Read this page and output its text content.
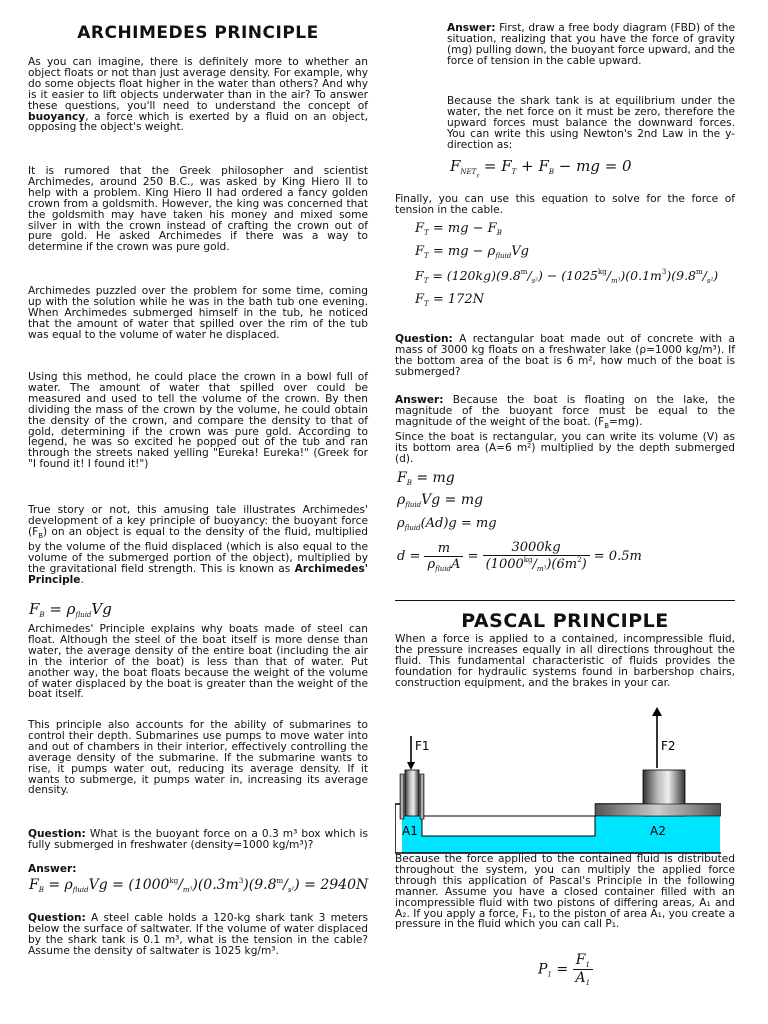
ARCHIMEDES PRINCIPLE

As you can imagine, there is definitely more to whether an object floats or not than just average density. For example, why do some objects float higher in the water than others? And why is it easier to lift objects underwater than in the air? To answer these questions, you'll need to understand the concept of buoyancy, a force which is exerted by a fluid on an object, opposing the object's weight.

It is rumored that the Greek philosopher and scientist Archimedes, around 250 B.C., was asked by King Hiero II to help with a problem. King Hiero II had ordered a fancy golden crown from a goldsmith. However, the king was concerned that the goldsmith may have taken his money and mixed some silver in with the crown instead of crafting the crown out of pure gold. He asked Archimedes if there was a way to determine if the crown was pure gold.

Archimedes puzzled over the problem for some time, coming up with the solution while he was in the bath tub one evening. When Archimedes submerged himself in the tub, he noticed that the amount of water that spilled over the rim of the tub was equal to the volume of water he displaced.

Using this method, he could place the crown in a bowl full of water. The amount of water that spilled over could be measured and used to tell the volume of the crown. By then dividing the mass of the crown by the volume, he could obtain the density of the crown, and compare the density to that of gold, determining if the crown was pure gold. According to legend, he was so excited he popped out of the tub and ran through the streets naked yelling "Eureka! Eureka!" (Greek for "I found it! I found it!")

True story or not, this amusing tale illustrates Archimedes' development of a key principle of buoyancy: the buoyant force $(F_B)$ on an object is equal to the density of the fluid, multiplied by the volume of the fluid displaced (which is also equal to the volume of the submerged portion of the object), multiplied by the gravitational field strength. This is known as Archimedes' Principle.

Archimedes' Principle explains why boats made of steel can float. Although the steel of the boat itself is more dense than water, the average density of the entire boat (including the air in the interior of the boat) is less than that of water. Put another way, the boat floats because the weight of the volume of water displaced by the boat is greater than the weight of the boat itself.

This principle also accounts for the ability of submarines to control their depth. Submarines use pumps to move water into and out of chambers in their interior, effectively controlling the average density of the submarine. If the submarine wants to rise, it pumps water out, reducing its average density. If it wants to submerge, it pumps water in, increasing its average density.

Question: What is the buoyant force on a 0.3 m³ box which is fully submerged in freshwater (density=1000 kg/m³)?

Answer:

Question: A steel cable holds a 120-kg shark tank 3 meters below the surface of saltwater. If the volume of water displaced by the shark tank is 0.1 m³, what is the tension in the cable? Assume the density of saltwater is 1025 kg/m³.

$F_B = \rho_{fluid}Vg$
$F_B = \rho_{fluid}Vg = (1000^{kg}/_{m^3})(0.3m^3)(9.8^m/_{s^2}) = 2940N$

Answer: First, draw a free body diagram (FBD) of the situation, realizing that you have the force of gravity (mg) pulling down, the buoyant force upward, and the force of tension in the cable upward.

Because the shark tank is at equilibrium under the water, the net force on it must be zero, therefore the upward forces must balance the downward forces. You can write this using Newton's 2nd Law in the y-direction as:

Finally, you can use this equation to solve for the force of tension in the cable.

Question: A rectangular boat made out of concrete with a mass of 3000 kg floats on a freshwater lake (ρ=1000 kg/m³). If the bottom area of the boat is 6 m², how much of the boat is submerged?

Answer: Because the boat is floating on the lake, the magnitude of the buoyant force must be equal to the magnitude of the weight of the boat. $(F_B=mg)$.
Since the boat is rectangular, you can write its volume (V) as its bottom area (A=6 m²) multiplied by the depth submerged (d).

When a force is applied to a contained, incompressible fluid, the pressure increases equally in all directions throughout the fluid. This fundamental characteristic of fluids provides the foundation for hydraulic systems found in barbershop chairs, construction equipment, and the brakes in your car.

Because the force applied to the contained fluid is distributed throughout the system, you can multiply the applied force through this application of Pascal's Principle in the following manner. Assume you have a closed container filled with an incompressible fluid with two pistons of differing areas, A₁ and A₂. If you apply a force, F₁, to the piston of area A₁, you create a pressure in the fluid which you can call P₁.

$F_{NET_y} = F_T + F_B$ − mg = 0
$F_T$ = mg − $F_B$
$F_T$ = mg − $\rho_{fluid}Vg$
$F_T = (120kg)(9.8^m/_{s^2}) - (1025^{kg}/_{m^3})(0.1m^3)(9.8^m/_{s^2})$
$F_T = 172N$
$F_B$ = mg
$\rho_{fluid}Vg$ = mg
$\rho_{fluid}(Ad)g$ = mg
$d = \frac{m}{\rho_{fluid}A} = \frac{3000kg}{(1000^{kg}/_{m^3})(6m^2)} = 0.5m$
PASCAL PRINCIPLE
F1	F2
A1	A2
$P_1 = \frac{F_1}{A_1}$
